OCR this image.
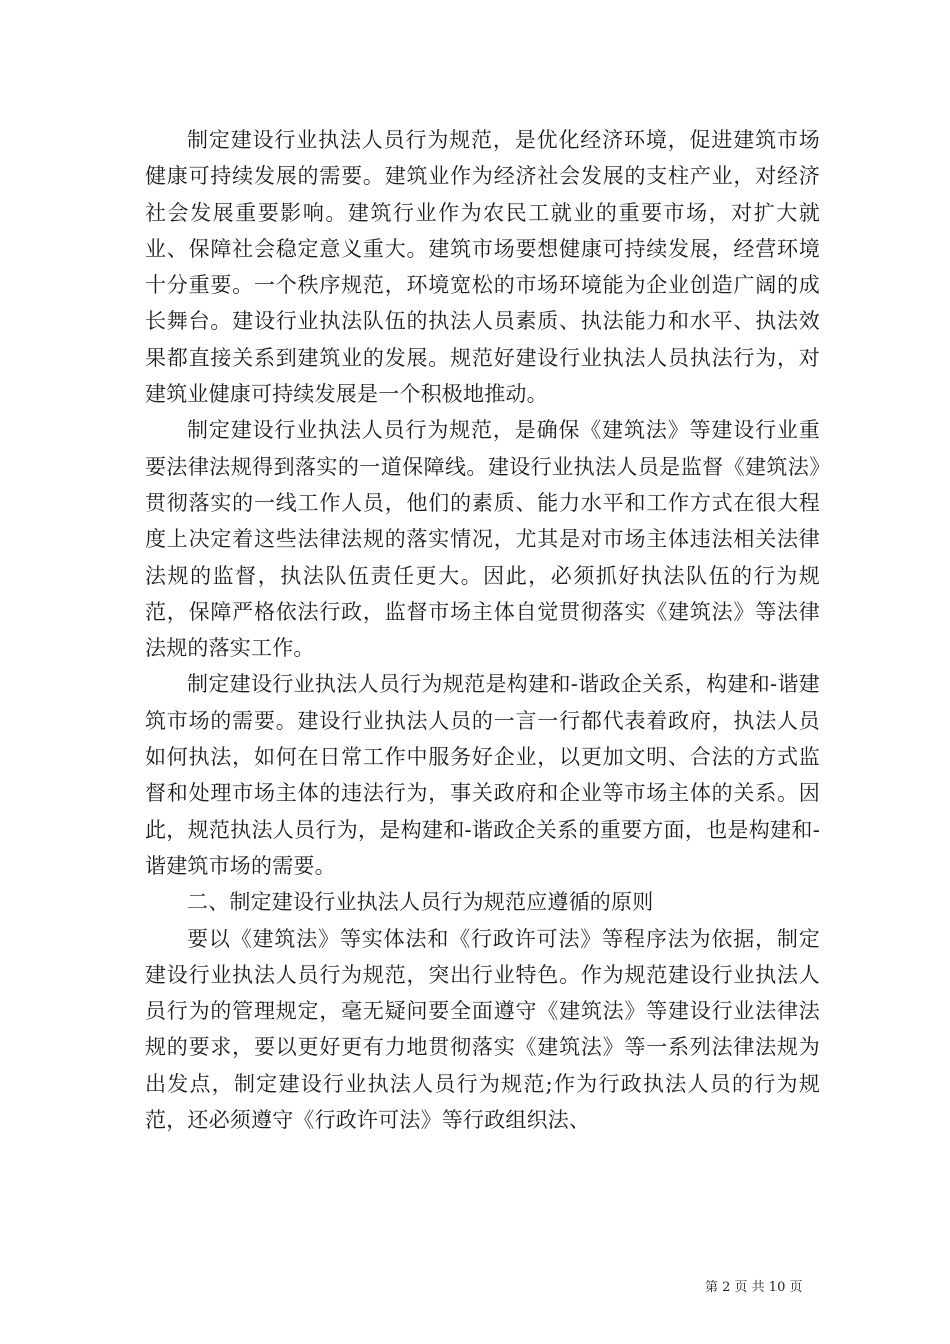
制定建设行业执法人员行为规范，是优化经济环境，促进建筑市场健康可持续发展的需要。建筑业作为经济社会发展的支柱产业，对经济社会发展重要影响。建筑行业作为农民工就业的重要市场，对扩大就业、保障社会稳定意义重大。建筑市场要想健康可持续发展，经营环境十分重要。一个秩序规范，环境宽松的市场环境能为企业创造广阔的成长舞台。建设行业执法队伍的执法人员素质、执法能力和水平、执法效果都直接关系到建筑业的发展。规范好建设行业执法人员执法行为，对建筑业健康可持续发展是一个积极地推动。

制定建设行业执法人员行为规范，是确保《建筑法》等建设行业重要法律法规得到落实的一道保障线。建设行业执法人员是监督《建筑法》贯彻落实的一线工作人员，他们的素质、能力水平和工作方式在很大程度上决定着这些法律法规的落实情况，尤其是对市场主体违法相关法律法规的监督，执法队伍责任更大。因此，必须抓好执法队伍的行为规范，保障严格依法行政，监督市场主体自觉贯彻落实《建筑法》等法律法规的落实工作。

制定建设行业执法人员行为规范是构建和-谐政企关系，构建和-谐建筑市场的需要。建设行业执法人员的一言一行都代表着政府，执法人员如何执法，如何在日常工作中服务好企业，以更加文明、合法的方式监督和处理市场主体的违法行为，事关政府和企业等市场主体的关系。因此，规范执法人员行为，是构建和-谐政企关系的重要方面，也是构建和-谐建筑市场的需要。

二、制定建设行业执法人员行为规范应遵循的原则

要以《建筑法》等实体法和《行政许可法》等程序法为依据，制定建设行业执法人员行为规范，突出行业特色。作为规范建设行业执法人员行为的管理规定，毫无疑问要全面遵守《建筑法》等建设行业法律法规的要求，要以更好更有力地贯彻落实《建筑法》等一系列法律法规为出发点，制定建设行业执法人员行为规范;作为行政执法人员的行为规范，还必须遵守《行政许可法》等行政组织法、

第 2 页 共 10 页
